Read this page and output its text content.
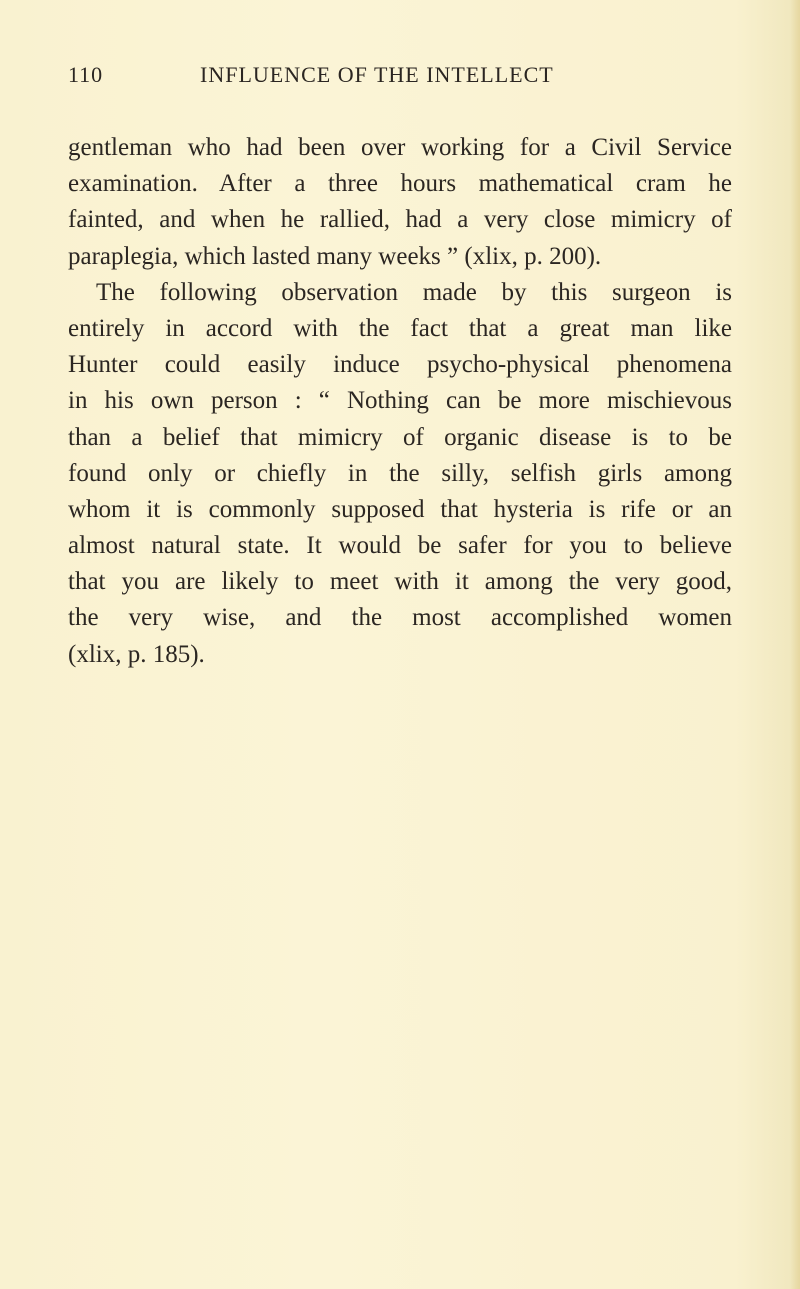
110	INFLUENCE OF THE INTELLECT
gentleman who had been over working for a Civil Service
examination. After a three hours mathematical cram he
fainted, and when he rallied, had a very close mimicry of
paraplegia, which lasted many weeks ” (xlix, p. 200).
The following observation made by this surgeon is
entirely in accord with the fact that a great man like
Hunter could easily induce psycho-physical phenomena
in his own person : “ Nothing can be more mischievous
than a belief that mimicry of organic disease is to be
found only or chiefly in the silly, selfish girls among
whom it is commonly supposed that hysteria is rife or an
almost natural state. It would be safer for you to believe
that you are likely to meet with it among the very good,
the very wise, and the most accomplished women
(xlix, p. 185).
